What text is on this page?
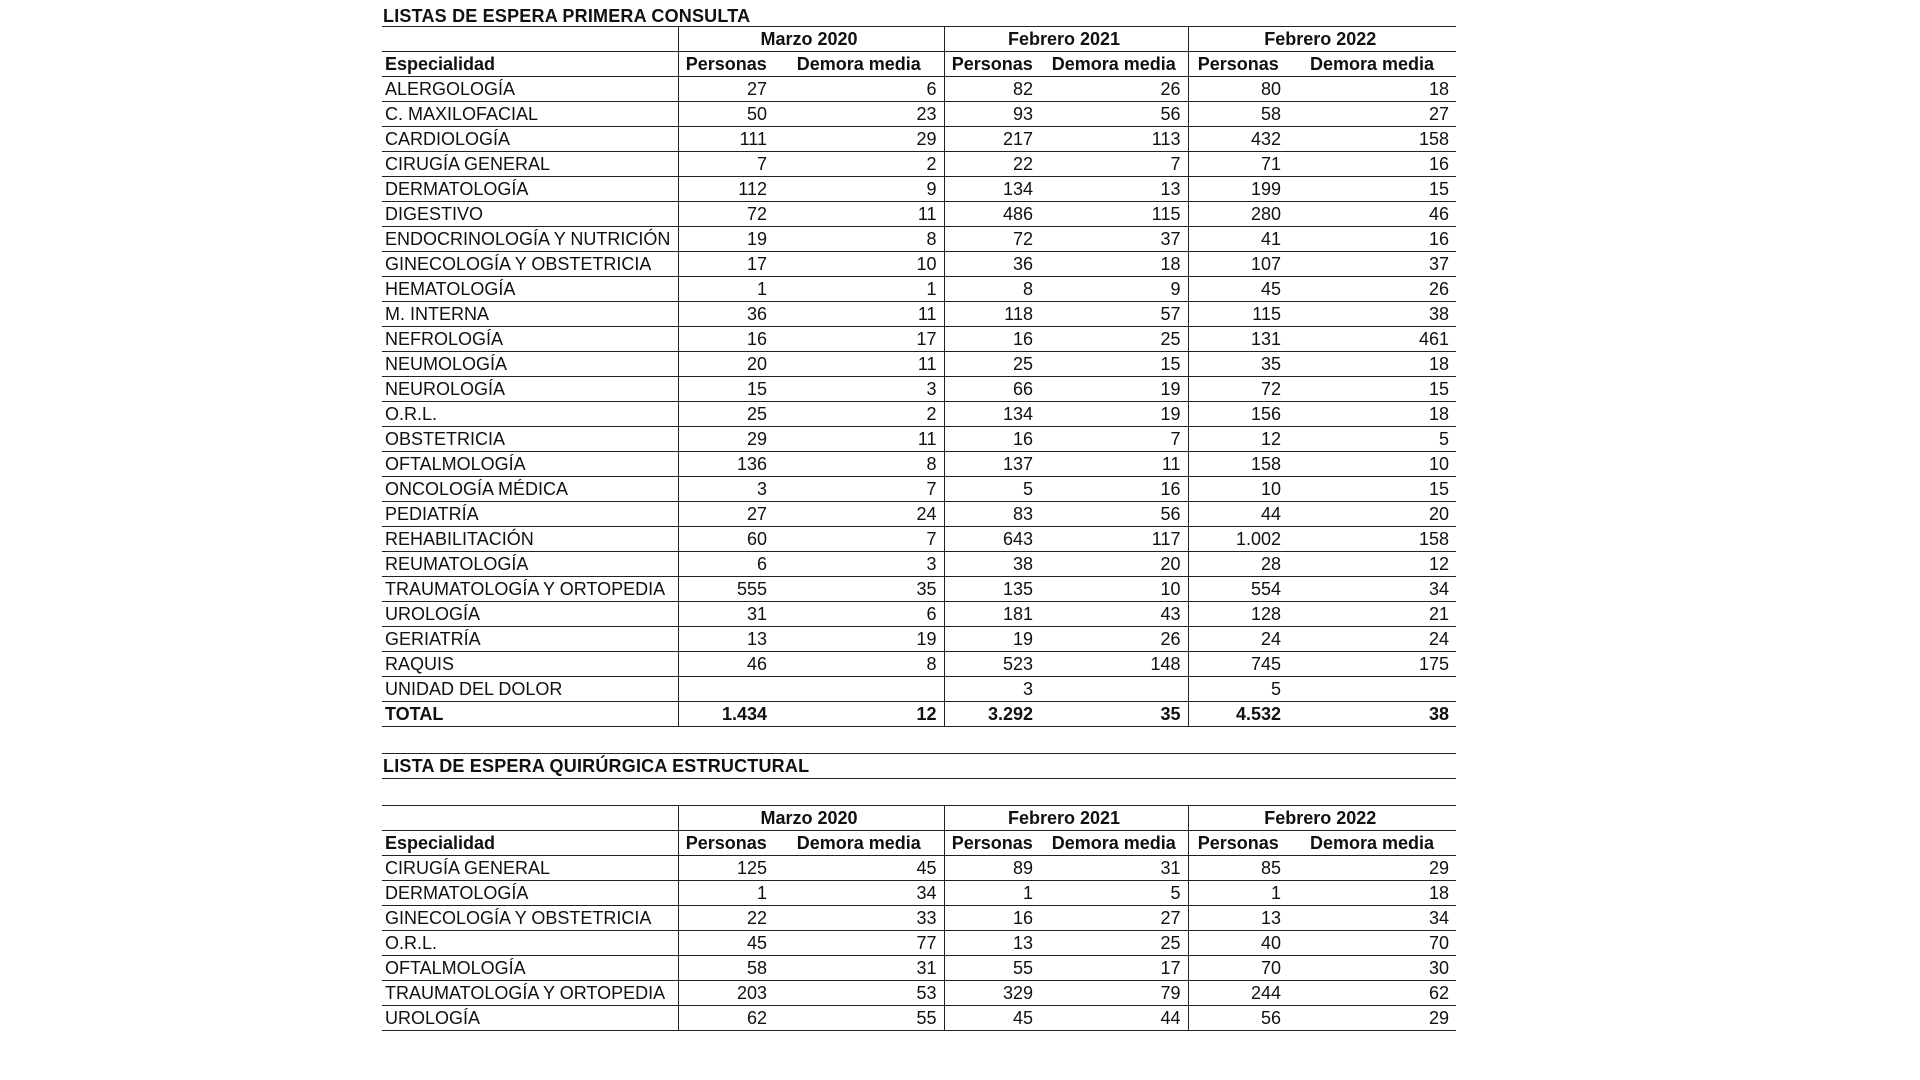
LISTAS DE ESPERA PRIMERA CONSULTA
	Marzo 2020		Febrero 2021		Febrero 2022	
Especialidad	Personas	Demora media	Personas	Demora media	Personas	Demora media
ALERGOLOGÍA	27	6	82	26	80	18
C. MAXILOFACIAL	50	23	93	56	58	27
CARDIOLOGÍA	111	29	217	113	432	158
CIRUGÍA GENERAL	7	2	22	7	71	16
DERMATOLOGÍA	112	9	134	13	199	15
DIGESTIVO	72	11	486	115	280	46
ENDOCRINOLOGÍA Y NUTRICIÓN	19	8	72	37	41	16
GINECOLOGÍA Y OBSTETRICIA	17	10	36	18	107	37
HEMATOLOGÍA	1	1	8	9	45	26
M. INTERNA	36	11	118	57	115	38
NEFROLOGÍA	16	17	16	25	131	461
NEUMOLOGÍA	20	11	25	15	35	18
NEUROLOGÍA	15	3	66	19	72	15
O.R.L.	25	2	134	19	156	18
OBSTETRICIA	29	11	16	7	12	5
OFTALMOLOGÍA	136	8	137	11	158	10
ONCOLOGÍA MÉDICA	3	7	5	16	10	15
PEDIATRÍA	27	24	83	56	44	20
REHABILITACIÓN	60	7	643	117	1.002	158
REUMATOLOGÍA	6	3	38	20	28	12
TRAUMATOLOGÍA Y ORTOPEDIA	555	35	135	10	554	34
UROLOGÍA	31	6	181	43	128	21
GERIATRÍA	13	19	19	26	24	24
RAQUIS	46	8	523	148	745	175
UNIDAD DEL DOLOR			3		5	
TOTAL	1.434	12	3.292	35	4.532	38
LISTA DE ESPERA QUIRÚRGICA ESTRUCTURAL
	Marzo 2020		Febrero 2021		Febrero 2022	
Especialidad	Personas	Demora media	Personas	Demora media	Personas	Demora media
CIRUGÍA GENERAL	125	45	89	31	85	29
DERMATOLOGÍA	1	34	1	5	1	18
GINECOLOGÍA Y OBSTETRICIA	22	33	16	27	13	34
O.R.L.	45	77	13	25	40	70
OFTALMOLOGÍA	58	31	55	17	70	30
TRAUMATOLOGÍA Y ORTOPEDIA	203	53	329	79	244	62
UROLOGÍA	62	55	45	44	56	29
